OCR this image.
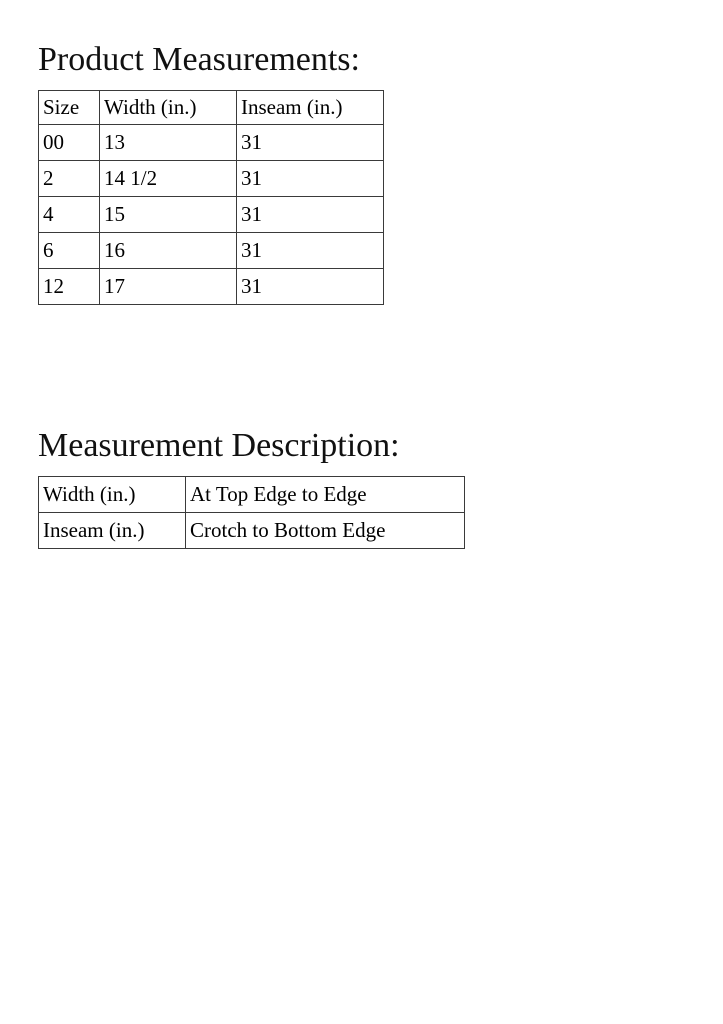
Product Measurements:
Size	Width (in.)	Inseam (in.)
00	13	31
2	14 1/2	31
4	15	31
6	16	31
12	17	31
Measurement Description:
Width (in.)	At Top Edge to Edge
Inseam (in.)	Crotch to Bottom Edge
